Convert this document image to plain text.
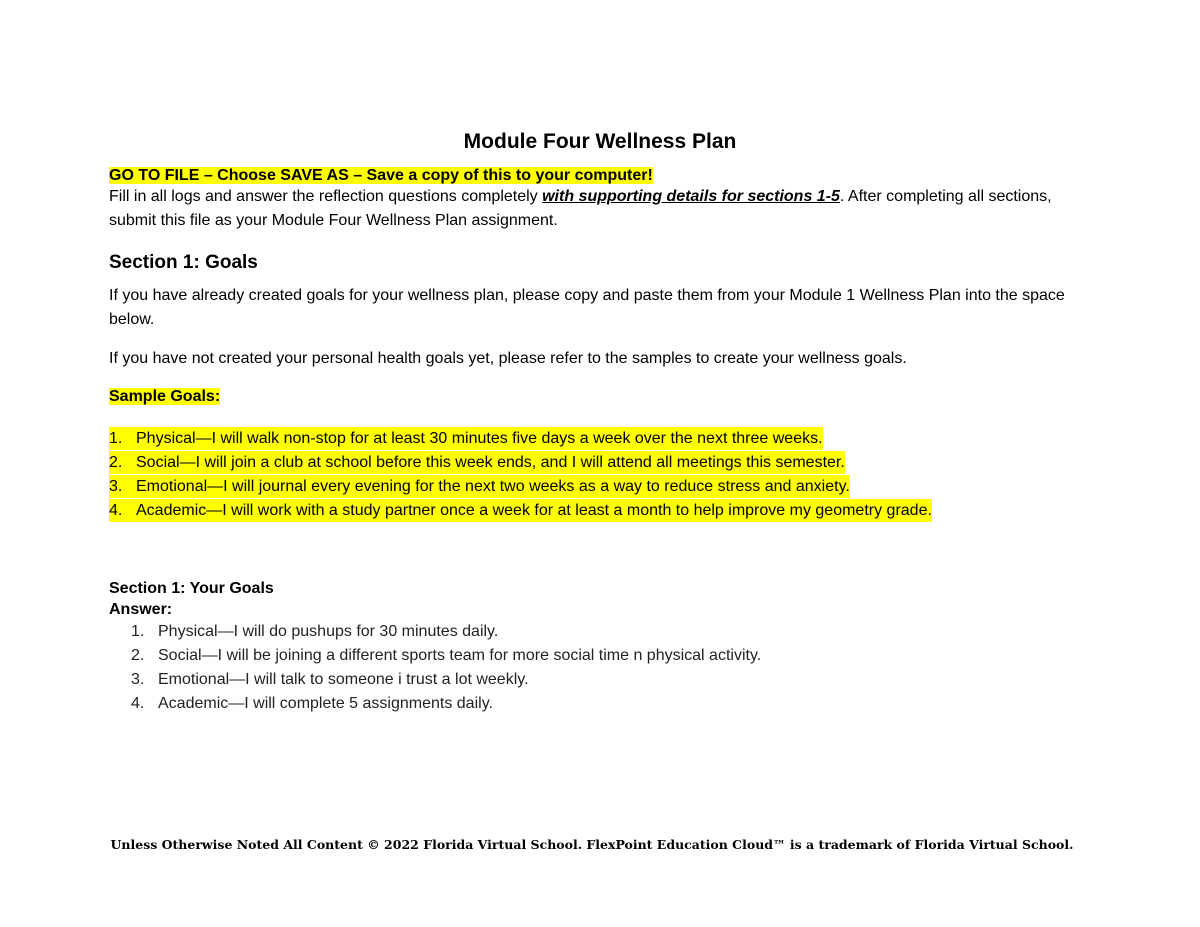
Module Four Wellness Plan
GO TO FILE – Choose SAVE AS – Save a copy of this to your computer!
Fill in all logs and answer the reflection questions completely with supporting details for sections 1-5. After completing all sections, submit this file as your Module Four Wellness Plan assignment.
Section 1: Goals
If you have already created goals for your wellness plan, please copy and paste them from your Module 1 Wellness Plan into the space below.
If you have not created your personal health goals yet, please refer to the samples to create your wellness goals.
Sample Goals:
1. Physical—I will walk non-stop for at least 30 minutes five days a week over the next three weeks.
2. Social—I will join a club at school before this week ends, and I will attend all meetings this semester.
3. Emotional—I will journal every evening for the next two weeks as a way to reduce stress and anxiety.
4. Academic—I will work with a study partner once a week for at least a month to help improve my geometry grade.
Section 1: Your Goals
Answer:
1. Physical—I will do pushups for 30 minutes daily.
2. Social—I will be joining a different sports team for more social time n physical activity.
3. Emotional—I will talk to someone i trust a lot weekly.
4. Academic—I will complete 5 assignments daily.
Unless Otherwise Noted All Content © 2022 Florida Virtual School. FlexPoint Education Cloud™ is a trademark of Florida Virtual School.
